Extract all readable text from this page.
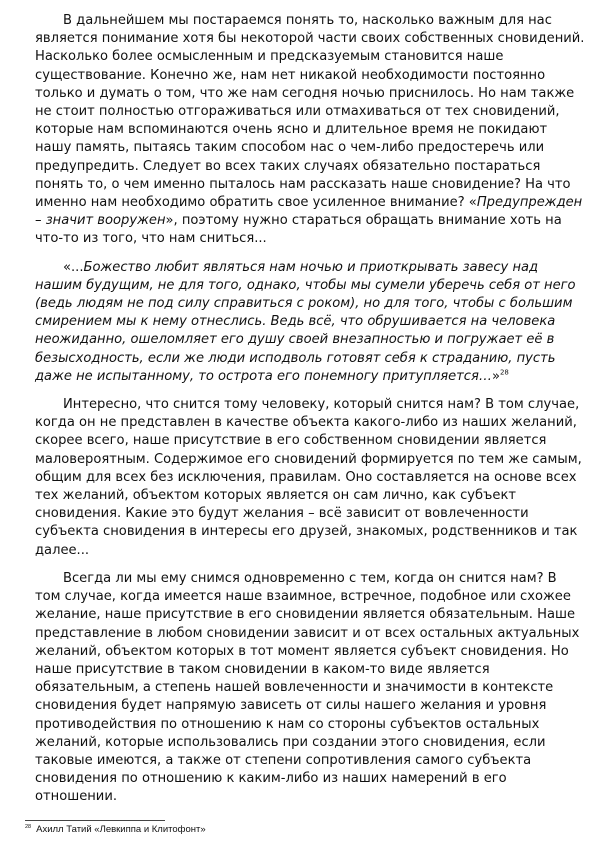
В дальнейшем мы постараемся понять то, насколько важным для нас является понимание хотя бы некоторой части своих собственных сновидений. Насколько более осмысленным и предсказуемым становится наше существование. Конечно же, нам нет никакой необходимости постоянно только и думать о том, что же нам сегодня ночью приснилось. Но нам также не стоит полностью отгораживаться или отмахиваться от тех сновидений, которые нам вспоминаются очень ясно и длительное время не покидают нашу память, пытаясь таким способом нас о чем-либо предостеречь или предупредить. Следует во всех таких случаях обязательно постараться понять то, о чем именно пыталось нам рассказать наше сновидение? На что именно нам необходимо обратить свое усиленное внимание? «Предупрежден – значит вооружен», поэтому нужно стараться обращать внимание хоть на что-то из того, что нам сниться...

«...Божество любит являться нам ночью и приоткрывать завесу над нашим будущим, не для того, однако, чтобы мы сумели уберечь себя от него (ведь людям не под силу справиться с роком), но для того, чтобы с большим смирением мы к нему отнеслись. Ведь всё, что обрушивается на человека неожиданно, ошеломляет его душу своей внезапностью и погружает её в безысходность, если же люди исподволь готовят себя к страданию, пусть даже не испытанному, то острота его понемногу притупляется…»$^{28}$

Интересно, что снится тому человеку, который снится нам? В том случае, когда он не представлен в качестве объекта какого-либо из наших желаний, скорее всего, наше присутствие в его собственном сновидении является маловероятным. Содержимое его сновидений формируется по тем же самым, общим для всех без исключения, правилам. Оно составляется на основе всех тех желаний, объектом которых является он сам лично, как субъект сновидения. Какие это будут желания – всё зависит от вовлеченности субъекта сновидения в интересы его друзей, знакомых, родственников и так далее...

Всегда ли мы ему снимся одновременно с тем, когда он снится нам? В том случае, когда имеется наше взаимное, встречное, подобное или схожее желание, наше присутствие в его сновидении является обязательным. Наше представление в любом сновидении зависит и от всех остальных актуальных желаний, объектом которых в тот момент является субъект сновидения. Но наше присутствие в таком сновидении в каком-то виде является обязательным, а степень нашей вовлеченности и значимости в контексте сновидения будет напрямую зависеть от силы нашего желания и уровня противодействия по отношению к нам со стороны субъектов остальных желаний, которые использовались при создании этого сновидения, если таковые имеются, а также от степени сопротивления самого субъекта сновидения по отношению к каким-либо из наших намерений в его отношении.

$^{28}$ Ахилл Татий «Левкиппа и Клитофонт»
